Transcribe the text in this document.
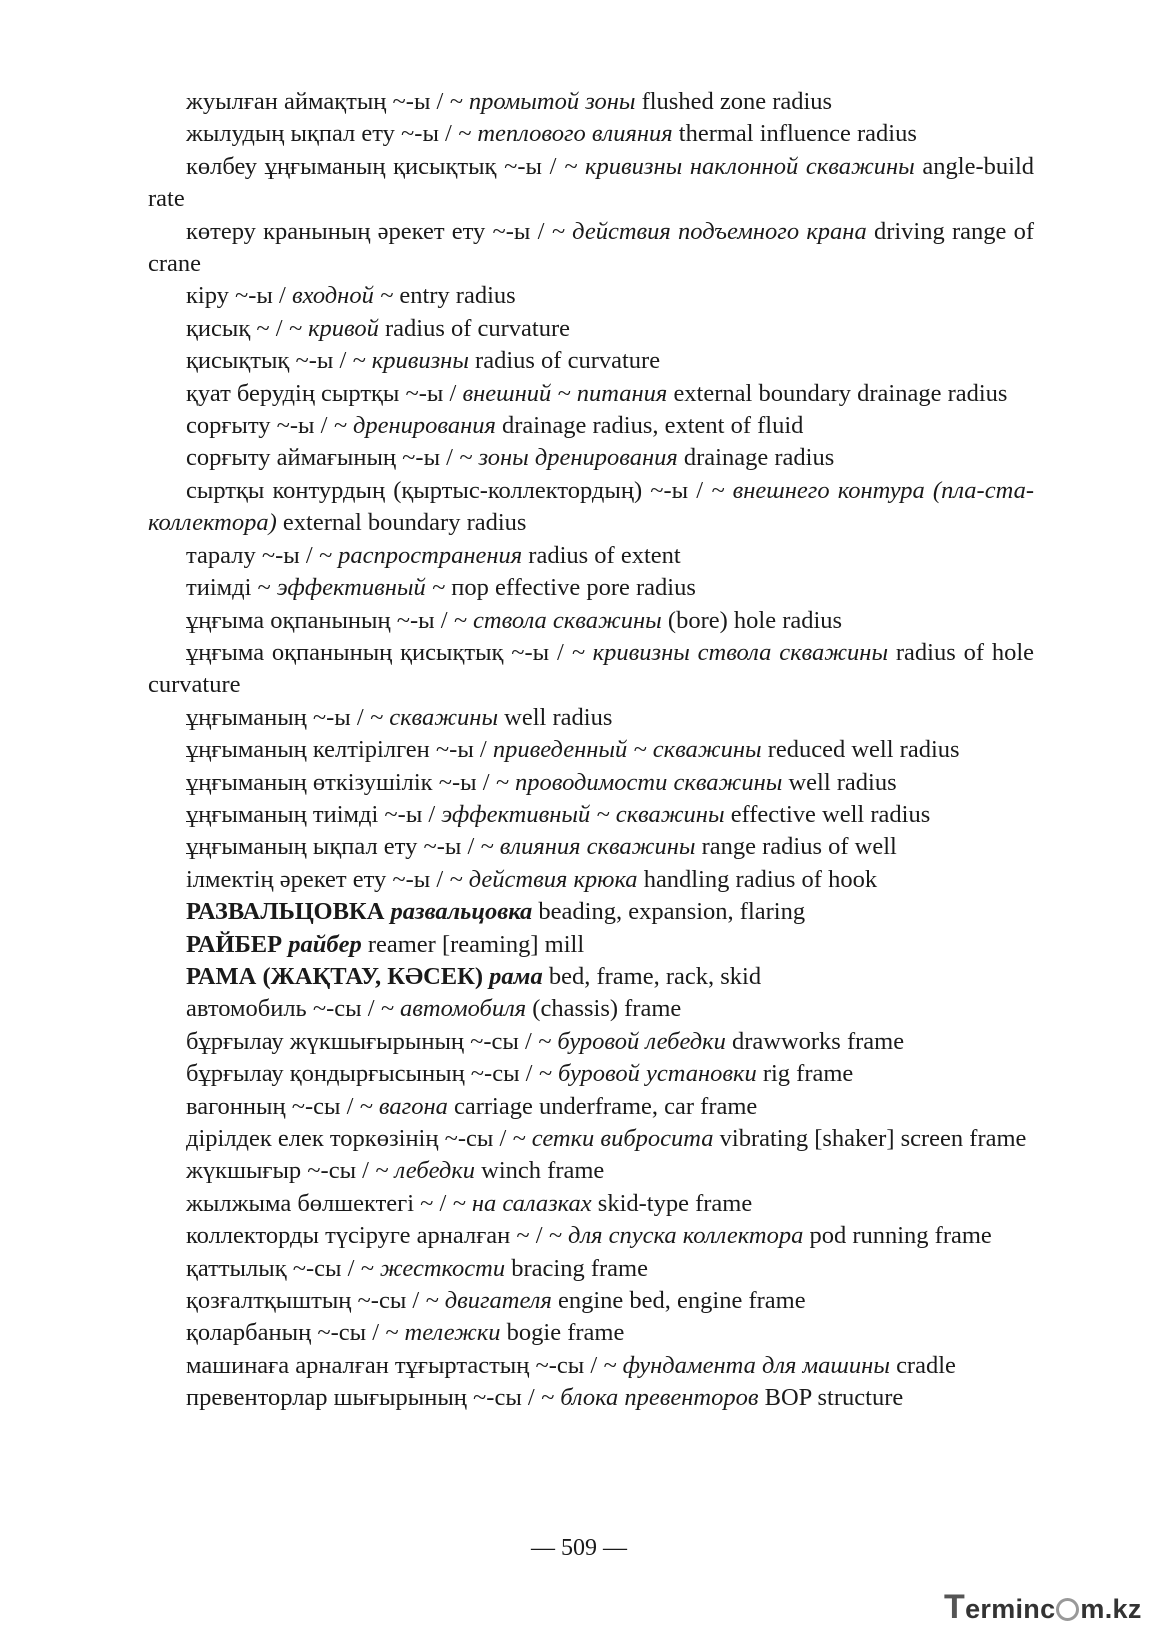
жуылған аймақтың ~-ы / ~ промытой зоны flushed zone radius

жылудың ықпал ету ~-ы / ~ теплового влияния thermal influence radius

көлбеу ұңғыманың қисықтық ~-ы / ~ кривизны наклонной скважины angle-build rate

көтеру кранының әрекет ету ~-ы / ~ действия подъемного крана driving range of crane

кіру ~-ы / входной ~ entry radius

қисық ~ / ~ кривой radius of curvature

қисықтық ~-ы / ~ кривизны radius of curvature

қуат берудің сыртқы ~-ы / внешний ~ питания external boundary drainage radius

сорғыту ~-ы / ~ дренирования drainage radius, extent of fluid

сорғыту аймағының ~-ы / ~ зоны дренирования drainage radius

сыртқы контурдың (қыртыс-коллектордың) ~-ы / ~ внешнего контура (пла-ста-коллектора) external boundary radius

таралу ~-ы / ~ распространения radius of extent

тиімді ~ эффективный ~ пор effective pore radius

ұңғыма оқпанының ~-ы / ~ ствола скважины (bore) hole radius

ұңғыма оқпанының қисықтық ~-ы / ~ кривизны ствола скважины radius of hole curvature

ұңғыманың ~-ы / ~ скважины well radius

ұңғыманың келтірілген ~-ы / приведенный ~ скважины reduced well radius

ұңғыманың өткізушілік ~-ы / ~ проводимости скважины well radius

ұңғыманың тиімді ~-ы / эффективный ~ скважины effective well radius

ұңғыманың ықпал ету ~-ы / ~ влияния скважины range radius of well

ілмектің әрекет ету ~-ы / ~ действия крюка handling radius of hook

РАЗВАЛЬЦОВКА развальцовка beading, expansion, flaring

РАЙБЕР райбер reamer [reaming] mill

РАМА (ЖАҚТАУ, КӘСЕК) рама bed, frame, rack, skid

автомобиль ~-сы / ~ автомобиля (chassis) frame

бұрғылау жүкшығырының ~-сы / ~ буровой лебедки drawworks frame

бұрғылау қондырғысының ~-сы / ~ буровой установки rig frame

вагонның ~-сы / ~ вагона carriage underframe, car frame

дірілдек елек торкөзінің ~-сы / ~ сетки вибросита vibrating [shaker] screen frame

жүкшығыр ~-сы / ~ лебедки winch frame

жылжыма бөлшектегі ~ / ~ на салазках skid-type frame

коллекторды түсіруге арналған ~ / ~ для спуска коллектора pod running frame

қаттылық ~-сы / ~ жесткости bracing frame

қозғалтқыштың ~-сы / ~ двигателя engine bed, engine frame

қоларбаның ~-сы / ~ тележки bogie frame

машинаға арналған тұғыртастың ~-сы / ~ фундамента для машины cradle

превенторлар шығырының ~-сы / ~ блока превенторов BOP structure

— 509 —
Terminc m.kz
